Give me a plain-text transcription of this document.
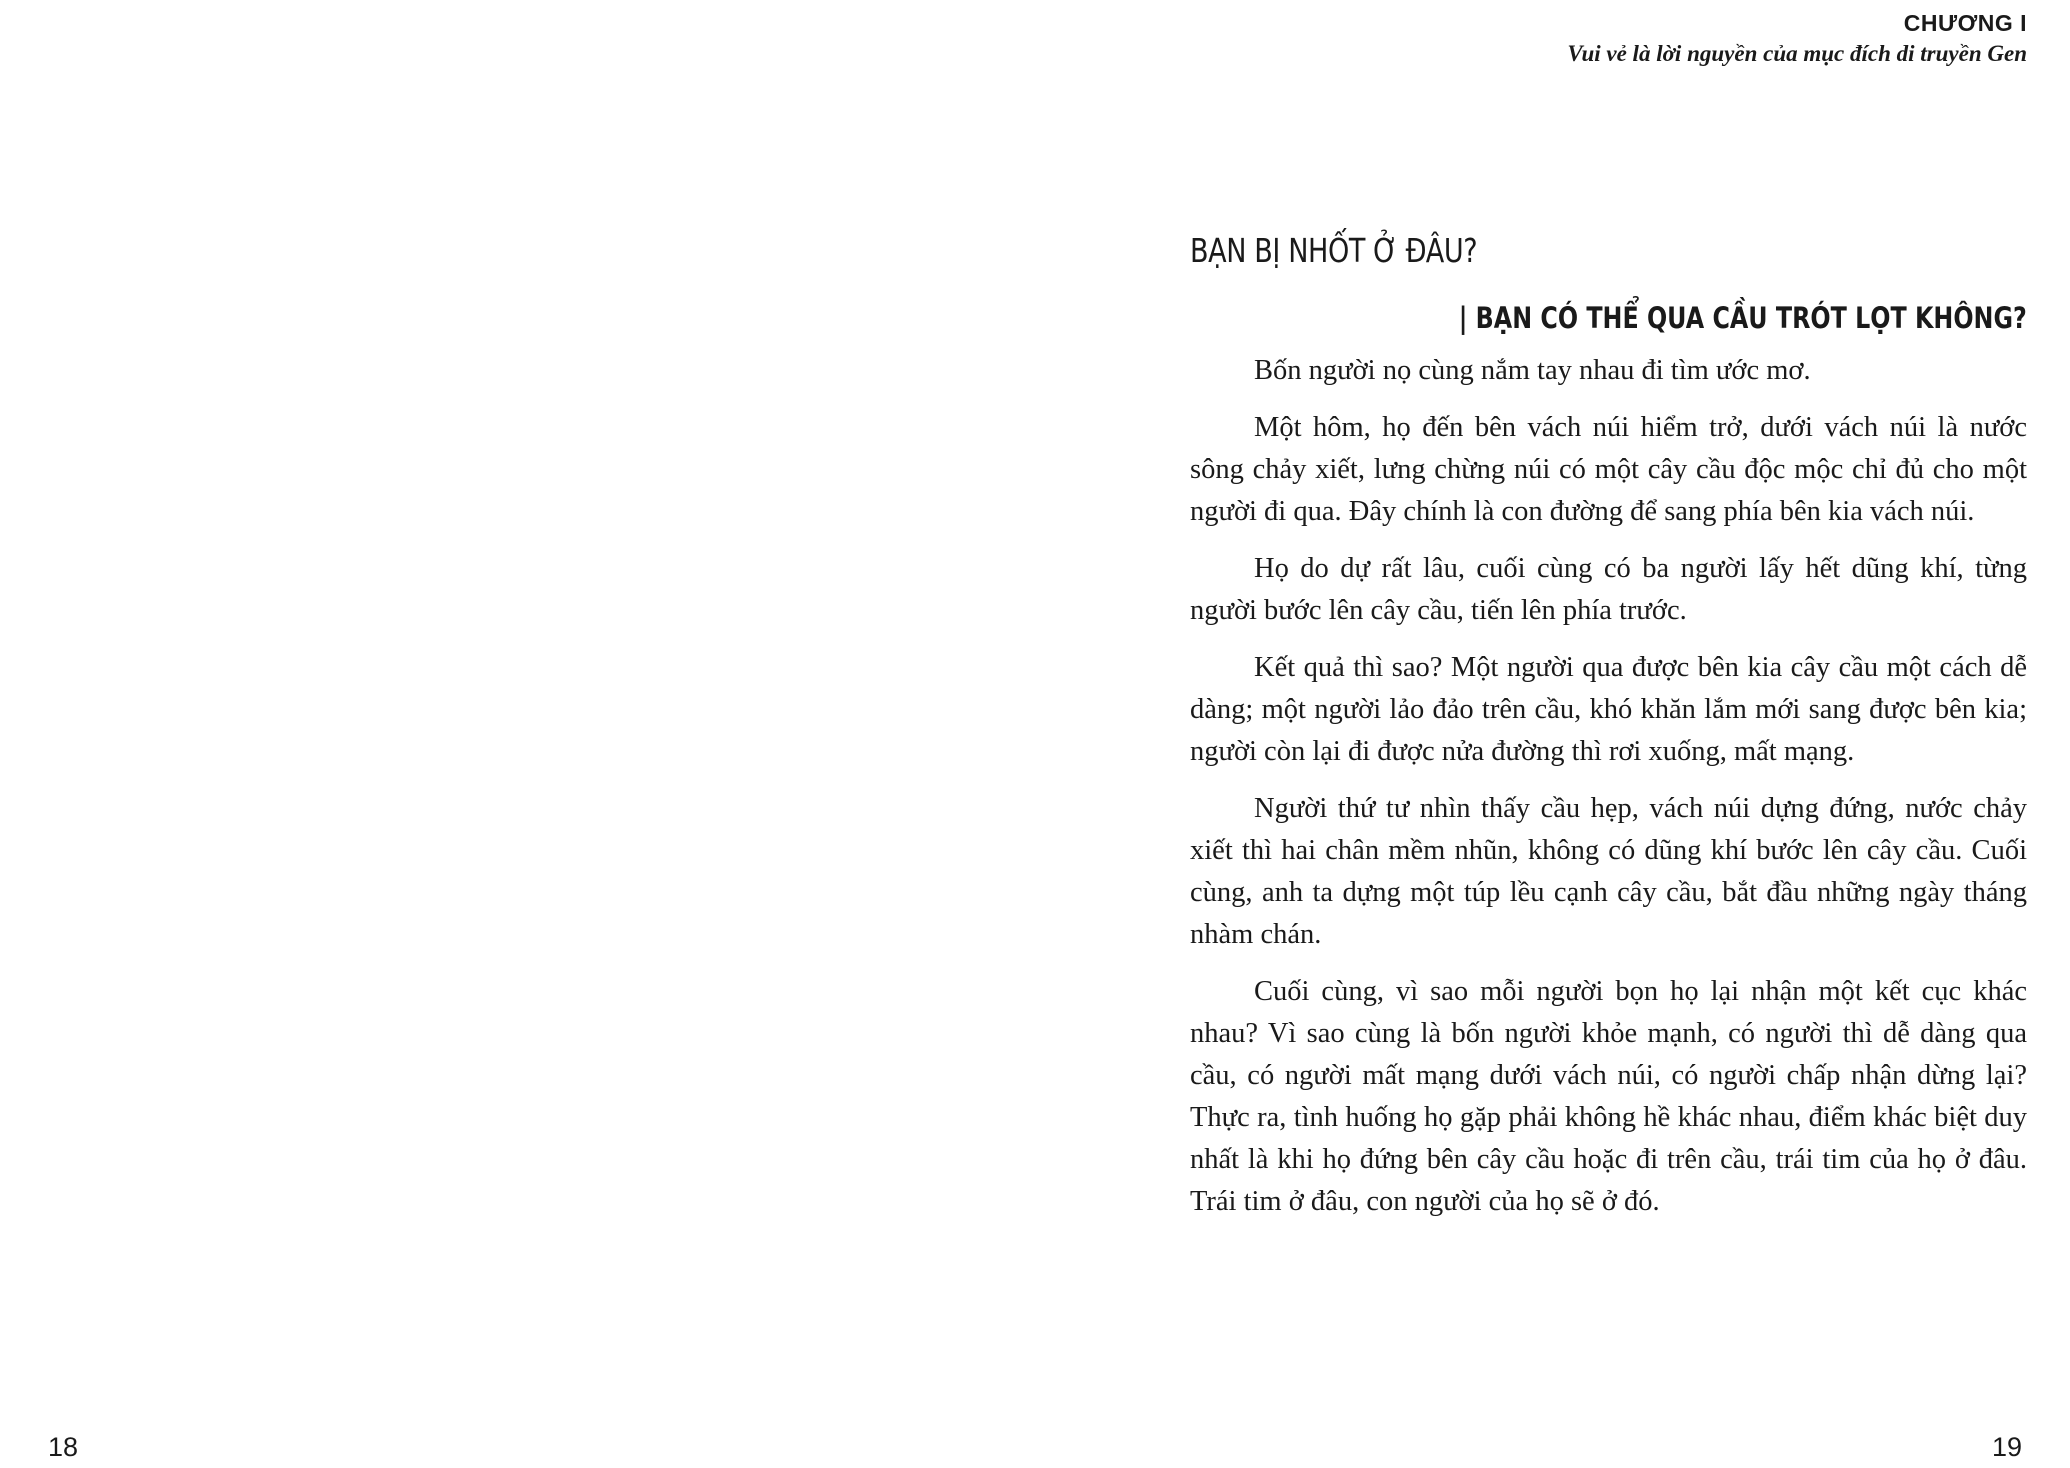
18
CHƯƠNG I
Vui vẻ là lời nguyền của mục đích di truyền Gen
BẠN BỊ NHỐT Ở ĐÂU?
| BẠN CÓ THỂ QUA CẦU TRÓT LỌT KHÔNG?

Bốn người nọ cùng nắm tay nhau đi tìm ước mơ.

Một hôm, họ đến bên vách núi hiểm trở, dưới vách núi là nước sông chảy xiết, lưng chừng núi có một cây cầu độc mộc chỉ đủ cho một người đi qua. Đây chính là con đường để sang phía bên kia vách núi.

Họ do dự rất lâu, cuối cùng có ba người lấy hết dũng khí, từng người bước lên cây cầu, tiến lên phía trước.

Kết quả thì sao? Một người qua được bên kia cây cầu một cách dễ dàng; một người lảo đảo trên cầu, khó khăn lắm mới sang được bên kia; người còn lại đi được nửa đường thì rơi xuống, mất mạng.

Người thứ tư nhìn thấy cầu hẹp, vách núi dựng đứng, nước chảy xiết thì hai chân mềm nhũn, không có dũng khí bước lên cây cầu. Cuối cùng, anh ta dựng một túp lều cạnh cây cầu, bắt đầu những ngày tháng nhàm chán.

Cuối cùng, vì sao mỗi người bọn họ lại nhận một kết cục khác nhau? Vì sao cùng là bốn người khỏe mạnh, có người thì dễ dàng qua cầu, có người mất mạng dưới vách núi, có người chấp nhận dừng lại? Thực ra, tình huống họ gặp phải không hề khác nhau, điểm khác biệt duy nhất là khi họ đứng bên cây cầu hoặc đi trên cầu, trái tim của họ ở đâu. Trái tim ở đâu, con người của họ sẽ ở đó.

19
